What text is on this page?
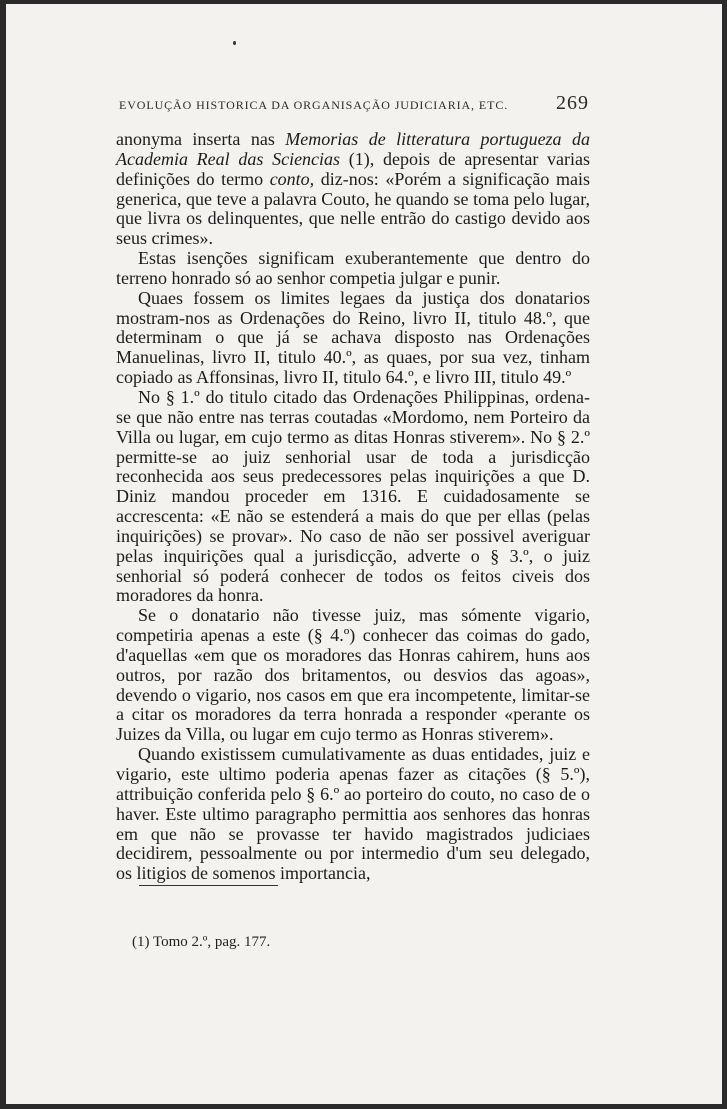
EVOLUÇÃO HISTORICA DA ORGANISAÇÃO JUDICIARIA, ETC. 269

anonyma inserta nas Memorias de litteratura portugueza da Academia Real das Sciencias (1), depois de apresentar varias definições do termo conto, diz-nos: «Porém a significação mais generica, que teve a palavra Couto, he quando se toma pelo lugar, que livra os delinquentes, que nelle entrão do castigo devido aos seus crimes».

Estas isenções significam exuberantemente que dentro do terreno honrado só ao senhor competia julgar e punir.

Quaes fossem os limites legaes da justiça dos donatarios mostram-nos as Ordenações do Reino, livro II, titulo 48.º, que determinam o que já se achava disposto nas Ordenações Manuelinas, livro II, titulo 40.º, as quaes, por sua vez, tinham copiado as Affonsinas, livro II, titulo 64.º, e livro III, titulo 49.º

No § 1.º do titulo citado das Ordenações Philippinas, ordena-se que não entre nas terras coutadas «Mordomo, nem Porteiro da Villa ou lugar, em cujo termo as ditas Honras stiverem». No § 2.º permitte-se ao juiz senhorial usar de toda a jurisdicção reconhecida aos seus predecessores pelas inquirições a que D. Diniz mandou proceder em 1316. E cuidadosamente se accrescenta: «E não se estenderá a mais do que per ellas (pelas inquirições) se provar». No caso de não ser possivel averiguar pelas inquirições qual a jurisdicção, adverte o § 3.º, o juiz senhorial só poderá conhecer de todos os feitos civeis dos moradores da honra.

Se o donatario não tivesse juiz, mas sómente vigario, competiria apenas a este (§ 4.º) conhecer das coimas do gado, d'aquellas «em que os moradores das Honras cahirem, huns aos outros, por razão dos britamentos, ou desvios das agoas», devendo o vigario, nos casos em que era incompetente, limitar-se a citar os moradores da terra honrada a responder «perante os Juizes da Villa, ou lugar em cujo termo as Honras stiverem».

Quando existissem cumulativamente as duas entidades, juiz e vigario, este ultimo poderia apenas fazer as citações (§ 5.º), attribuição conferida pelo § 6.º ao porteiro do couto, no caso de o haver. Este ultimo paragrapho permittia aos senhores das honras em que não se provasse ter havido magistrados judiciaes decidirem, pessoalmente ou por intermedio d'um seu delegado, os litigios de somenos importancia,

(1) Tomo 2.º, pag. 177.
